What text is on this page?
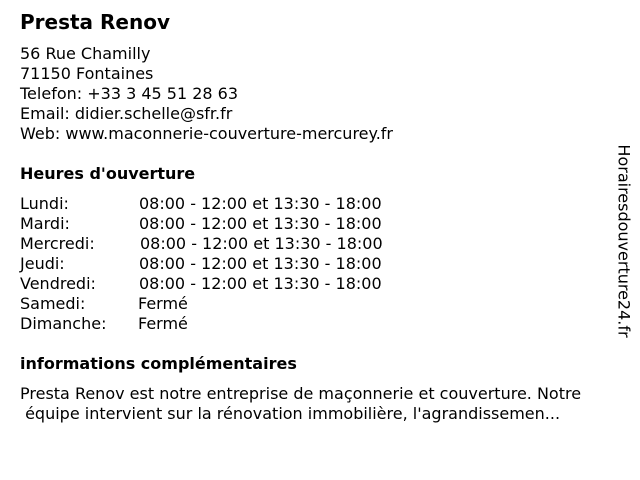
Presta Renov
56 Rue Chamilly
71150 Fontaines
Telefon: +33 3 45 51 28 63
Email: didier.schelle@sfr.fr
Web: www.maconnerie-couverture-mercurey.fr
Heures d'ouverture
Lundi:	08:00 - 12:00 et 13:30 - 18:00
Mardi:	08:00 - 12:00 et 13:30 - 18:00
Mercredi:	08:00 - 12:00 et 13:30 - 18:00
Jeudi:	08:00 - 12:00 et 13:30 - 18:00
Vendredi:	08:00 - 12:00 et 13:30 - 18:00
Samedi:	Fermé
Dimanche: Fermé
informations complémentaires
Presta Renov est notre entreprise de maçonnerie et couverture. Notre
équipe intervient sur la rénovation immobilière, l'agrandissemen...
Horairesdouverture24.fr
